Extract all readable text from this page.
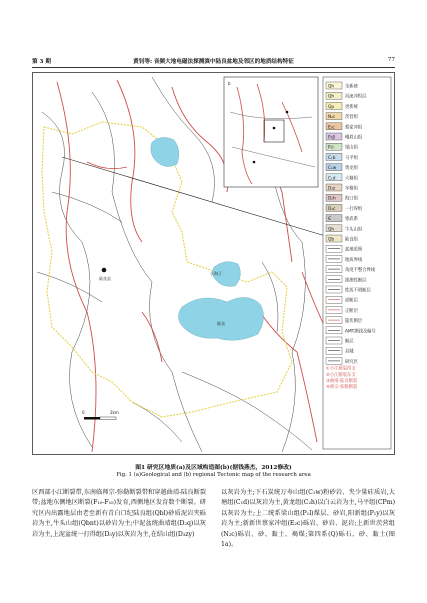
第 3 期	黄钊等: 音频大地电磁法探测滇中陆良盆地及邻区的地质结构特征	77
陆良县
小海子
陆良
b
0	2km
Qh	全新统
Qh	河流冲积层
Qp	更新统
N₂c 茨营组
E₂c 蔡家冲组
P₂β 峨眉山组
P₁l	梁山组
C₁b 马平组
C₁w 黄龙组
C₁d 大塘组
D₃z 宰格组
D₂h 海口组
D₁c 一打得组
Є	寒武系
Qh	牛头山组
Qb	陆良组
盆地范围
地质界线
角度不整合界线
推测性断层
性质不明断层
逆断层
正断层
隐伏断层
AMT测线及编号
断层
县城
研究区
①小江断裂西支
②小江断裂东支
③曲靖-陆良断裂
④师宗-弥勒断裂
图1 研究区地质(a)及区域构造图(b)(据钱燕杰，2012修改)
Fig. 1 (a)Geological and (b) regional Tectonic map of the research area

区西部小江断裂带,东南临师宗-弥勒断裂带和穿越曲靖-陆良断裂带;盆地东侧地区断裂(F₁₀-F₁₅)发育,西侧地区发育数个断裂。研究区内出露地层由老至新有青白口纪陆良组(Qbl)砂质泥岩夹砾岩为主,牛头山组(Qbnt)以砂岩为主;中泥盆统曲靖组(D₂q)以灰岩为主,上泥盆统一打得组(D₃y)以灰岩为主,在结山组(D₃zy)

以灰岩为主;下石炭统万寿山组(C₁w)粉砂岩、夹少量硅质岩,大塘组(C₁d)以灰岩为主,黄龙组(C₂h)以白云岩为主,马平组(CPm)以灰岩为主;上二统系梁山组(P₁l)煤层、砂岩,阳新组(P₁y)以灰岩为主;新新世蔡家冲组(E₂c)砾岩、砂岩、泥岩;上新世茨营组(N₂c)砾岩、砂、黏土、褐煤;第四系(Q)砾石、砂、黏土(图1a)。
